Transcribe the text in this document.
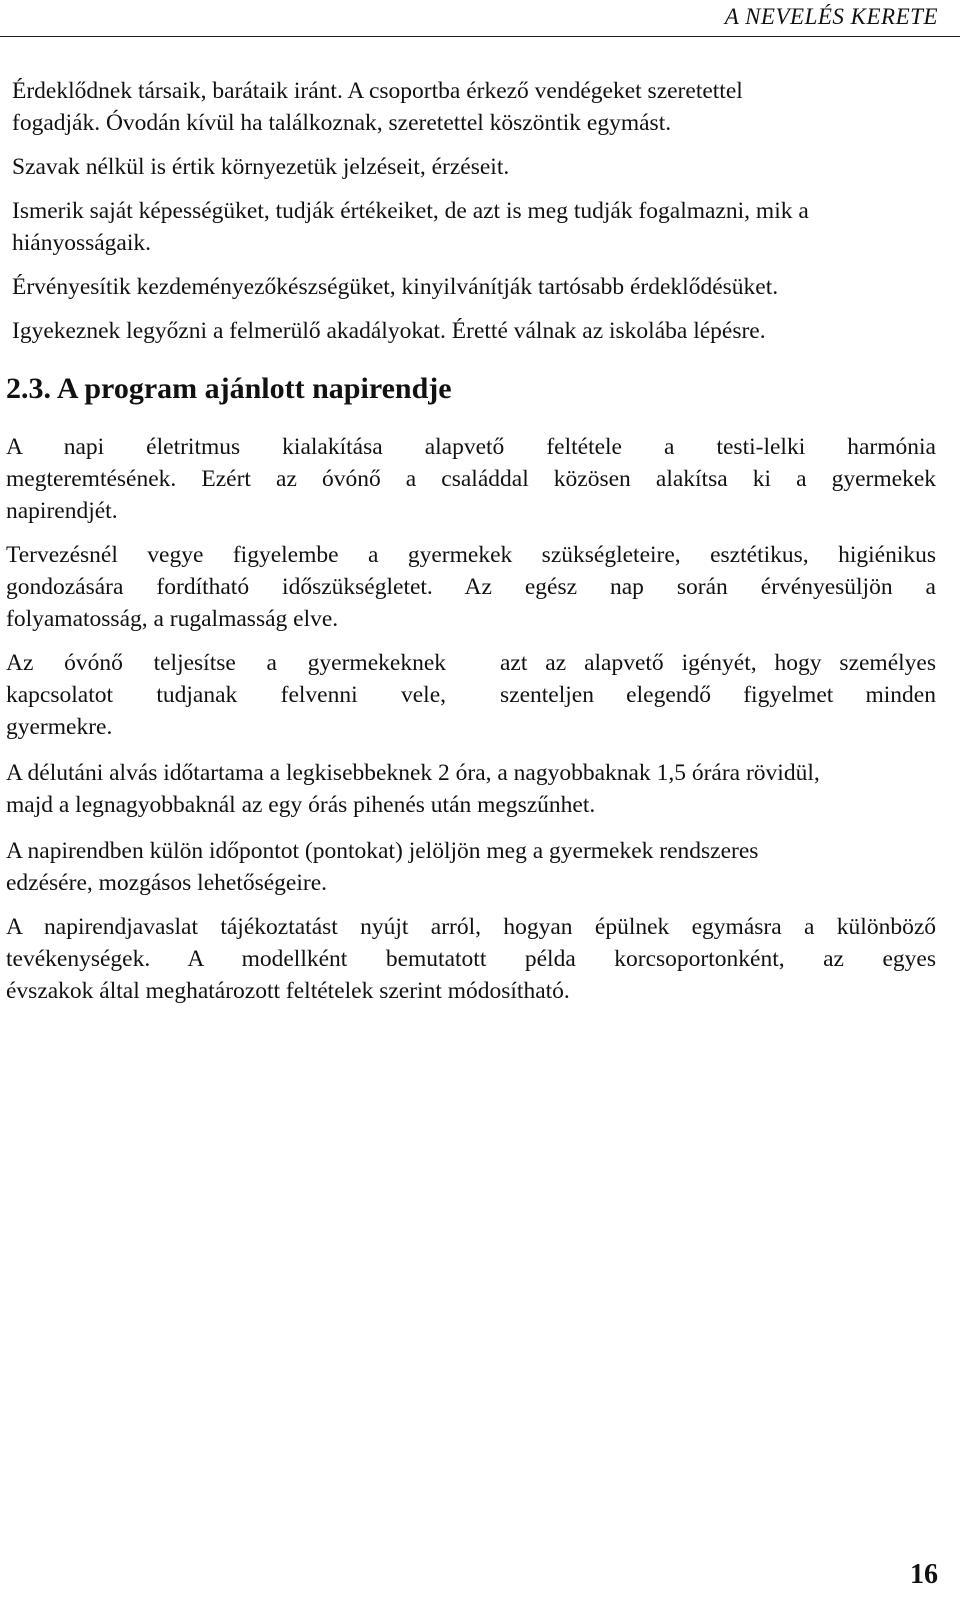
A NEVELÉS KERETE
Érdeklődnek társaik, barátaik iránt. A csoportba érkező vendégeket szeretettel
fogadják. Óvodán kívül ha találkoznak, szeretettel köszöntik egymást.
Szavak nélkül is értik környezetük jelzéseit, érzéseit.
Ismerik saját képességüket, tudják értékeiket, de azt is meg tudják fogalmazni, mik a
hiányosságaik.
Érvényesítik kezdeményezőkészségüket, kinyilvánítják tartósabb érdeklődésüket.
Igyekeznek legyőzni a felmerülő akadályokat. Éretté válnak az iskolába lépésre.
2.3. A program ajánlott napirendje
A napi életritmus kialakítása alapvető feltétele a testi-lelki harmónia
megteremtésének. Ezért az óvónő a családdal közösen alakítsa ki a gyermekek
napirendjét.
Tervezésnél vegye figyelembe a gyermekek szükségleteire, esztétikus, higiénikus
gondozására fordítható időszükségletet. Az egész nap során érvényesüljön a
folyamatosság, a rugalmasság elve.
Az óvónő teljesítse a gyermekeknek
kapcsolatot tudjanak felvenni vele,
gyermekre.
azt az alapvető igényét, hogy személyes
szenteljen elegendő figyelmet minden
A délutáni alvás időtartama a legkisebbeknek 2 óra, a nagyobbaknak 1,5 órára rövidül,
majd a legnagyobbaknál az egy órás pihenés után megszűnhet.
A napirendben külön időpontot (pontokat) jelöljön meg a gyermekek rendszeres
edzésére, mozgásos lehetőségeire.
A napirendjavaslat tájékoztatást nyújt arról, hogyan épülnek egymásra a különböző
tevékenységek. A modellként bemutatott példa korcsoportonként, az egyes
évszakok által meghatározott feltételek szerint módosítható.
16
